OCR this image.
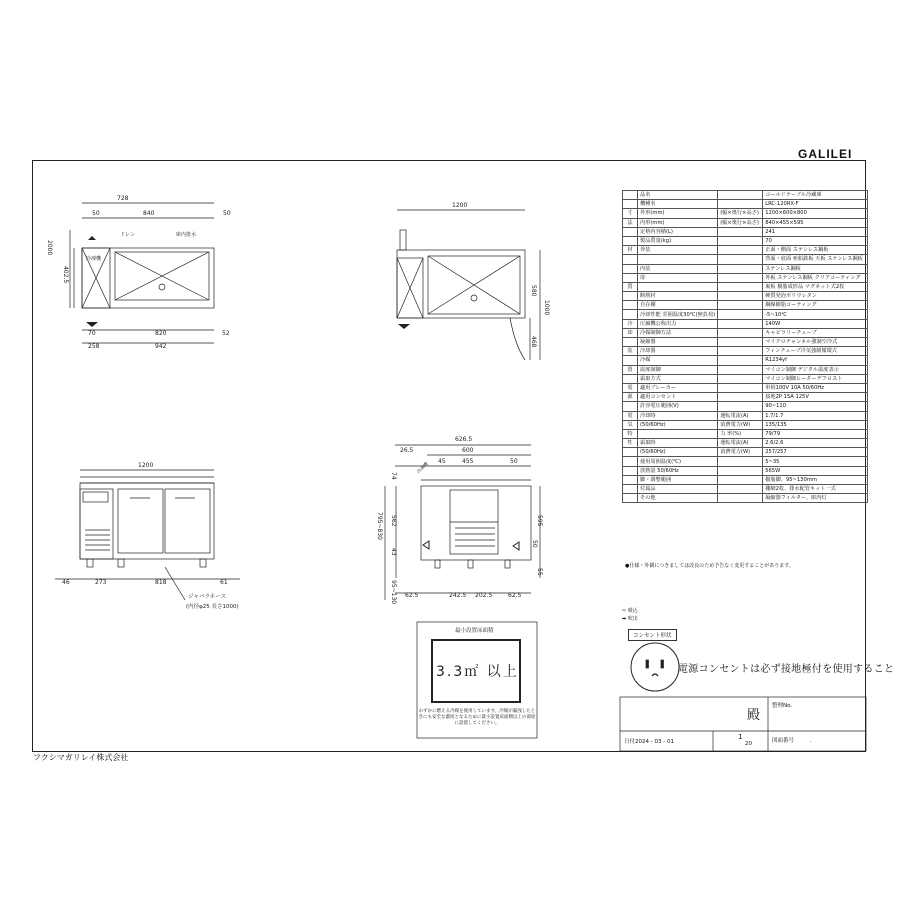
GALILEI
728
50	840	50
2000
402.5
820	52
70
258	942
ドレン	庫内排水
冷凍機
1200
580
1000
468
1200
46	273	818	61
ジャバラホース
(内径φ25 長さ1000)
626.5
26.5	600
45	455	50
74
562	595
50
43
55
795~830
95~130 62.5	242.5 202.5	62.5
冷凍機
最小設置床面積
3.3㎡ 以上
わずかに燃える冷媒を使用しています。冷媒が漏洩したときにも安全な濃度となるために最小設置床面積以上の部屋に設置してください。
	品名		コールドテーブル冷蔵庫
	機種名		LRC-120RX-F
寸	外形(mm)	(幅×奥行×高さ)	1200×600×800
法	内形(mm)	(幅×奥行×高さ)	840×455×595
	定格内容積(L)		241
	製品質量(kg)		70
材	外装		正面・側面 ステンレス鋼板
			背面・底面 亜鉛鉄板 天板 ステンレス鋼板
	内装		ステンレス鋼板
	扉		外板 ステンレス鋼板 クリアコーティング
質			裏板 樹脂成形品 マグネット式2枚
	断熱材		硬質発泡ポリウレタン
	自在棚		鋼線樹脂コーティング
	冷却性能 雰囲温度30℃(無負荷)		-5~10℃
冷	圧縮機公称出力		140W
却	冷媒制御方法		キャピラリーチューブ
	凝縮器		マイクロチャンネル強制空冷式
装	冷却器		フィンチューブ冷気強制循環式
	冷媒		R1234yf
置	温度制御		マイコン制御 デジタル温度表示
	霜取方式		マイコン制御ヒーターデフロスト
電	適用ブレーカー		単相100V 10A 50/60Hz
源	適用コンセント		接地2P 15A 125V
	許容電圧範囲(V)		90~110
電	冷却時	運転電流(A)	1.7/1.7
気	(50/60Hz)	消費電力(W)	135/135
特		力 率(%)	79/79
性	霜取時	運転電流(A)	2.6/2.6
	(50/60Hz)	消費電力(W)	257/257
	使用周囲温度(℃)		5~35
	放熱量 50/60Hz		565W
	脚・調整範囲		樹脂脚、95~130mm
	付属品		棚網2枚、排水配管キット一式
	その他		凝縮器フィルター、庫内灯
●仕様・外観につきましては改良のため予告なく変更することがあります。
⇨ 吸込
➡ 吹出
コンセント形状
電源コンセントは必ず接地極付を使用すること
殿
整理No.
日付2024 - 03 - 01
1
20	図面番号	.
フクシマガリレイ株式会社
